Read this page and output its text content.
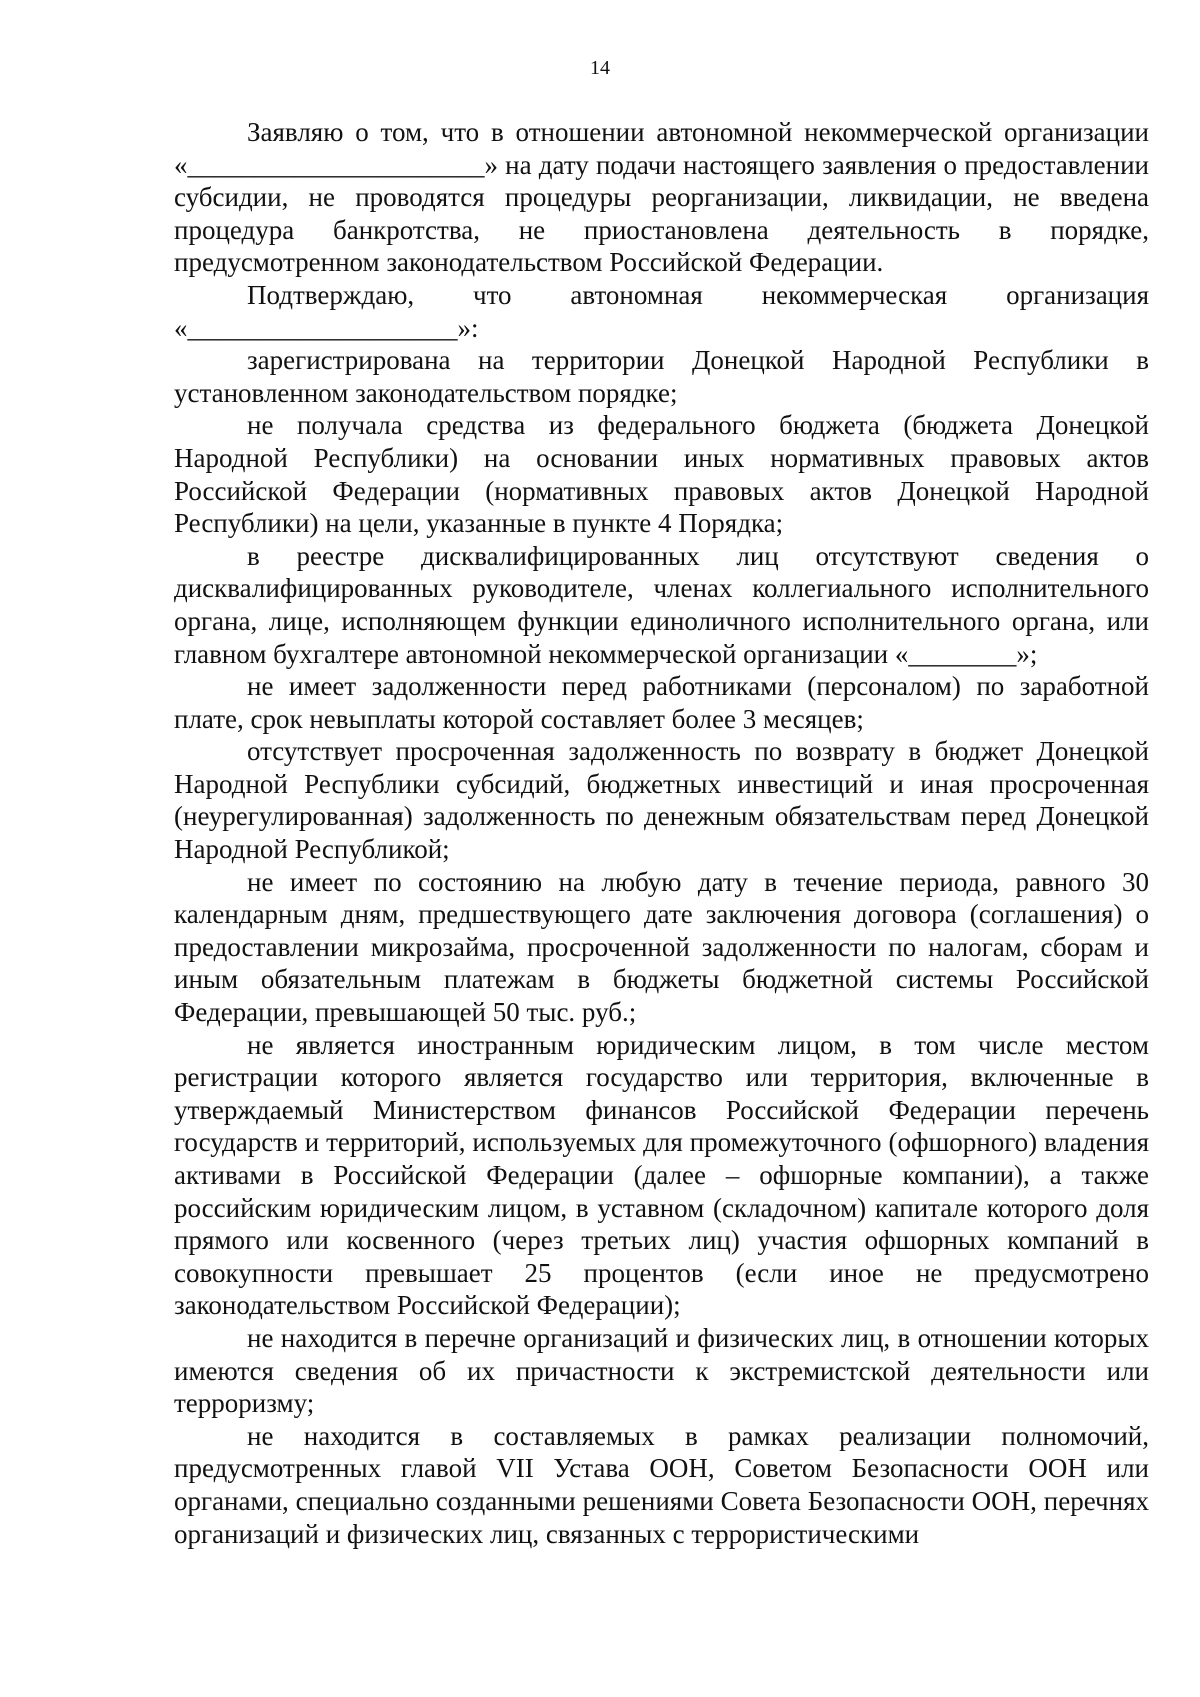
14

Заявляю о том, что в отношении автономной некоммерческой организации «______________________» на дату подачи настоящего заявления о предоставлении субсидии, не проводятся процедуры реорганизации, ликвидации, не введена процедура банкротства, не приостановлена деятельность в порядке, предусмотренном законодательством Российской Федерации.

Подтверждаю, что автономная некоммерческая организация «____________________»:

зарегистрирована на территории Донецкой Народной Республики в установленном законодательством порядке;

не получала средства из федерального бюджета (бюджета Донецкой Народной Республики) на основании иных нормативных правовых актов Российской Федерации (нормативных правовых актов Донецкой Народной Республики) на цели, указанные в пункте 4 Порядка;

в реестре дисквалифицированных лиц отсутствуют сведения о дисквалифицированных руководителе, членах коллегиального исполнительного органа, лице, исполняющем функции единоличного исполнительного органа, или главном бухгалтере автономной некоммерческой организации «________»;

не имеет задолженности перед работниками (персоналом) по заработной плате, срок невыплаты которой составляет более 3 месяцев;

отсутствует просроченная задолженность по возврату в бюджет Донецкой Народной Республики субсидий, бюджетных инвестиций и иная просроченная (неурегулированная) задолженность по денежным обязательствам перед Донецкой Народной Республикой;

не имеет по состоянию на любую дату в течение периода, равного 30 календарным дням, предшествующего дате заключения договора (соглашения) о предоставлении микрозайма, просроченной задолженности по налогам, сборам и иным обязательным платежам в бюджеты бюджетной системы Российской Федерации, превышающей 50 тыс. руб.;

не является иностранным юридическим лицом, в том числе местом регистрации которого является государство или территория, включенные в утверждаемый Министерством финансов Российской Федерации перечень государств и территорий, используемых для промежуточного (офшорного) владения активами в Российской Федерации (далее – офшорные компании), а также российским юридическим лицом, в уставном (складочном) капитале которого доля прямого или косвенного (через третьих лиц) участия офшорных компаний в совокупности превышает 25 процентов (если иное не предусмотрено законодательством Российской Федерации);

не находится в перечне организаций и физических лиц, в отношении которых имеются сведения об их причастности к экстремистской деятельности или терроризму;

не находится в составляемых в рамках реализации полномочий, предусмотренных главой VII Устава ООН, Советом Безопасности ООН или органами, специально созданными решениями Совета Безопасности ООН, перечнях организаций и физических лиц, связанных с террористическими
